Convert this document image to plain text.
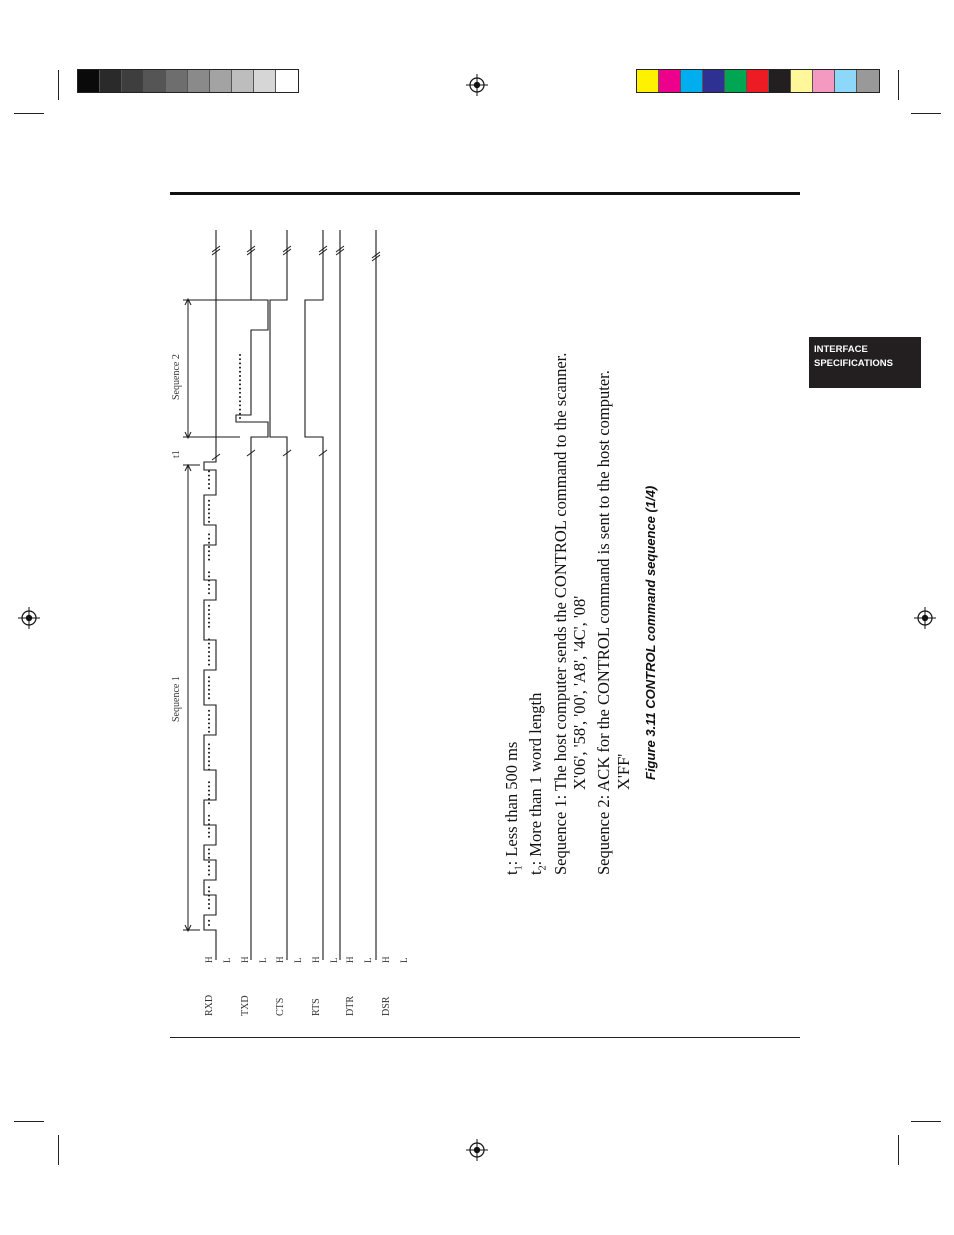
INTERFACE
SPECIFICATIONS
Sequence 1
Sequence 2
t1
RXD
H L
TXD
H L
CTS
H L
RTS
H L
DTR
H L
DSR
H L
$t_1$: Less than 500 ms
$t_2$: More than 1 word length Sequence 1: The host computer sends the CONTROL command to the scanner. X'06', '58', '00', 'A8', '4C', '08' Sequence 2: ACK for the CONTROL command is sent to the host computer. X'FF' Figure 3.11 CONTROL command sequence (1/4)
